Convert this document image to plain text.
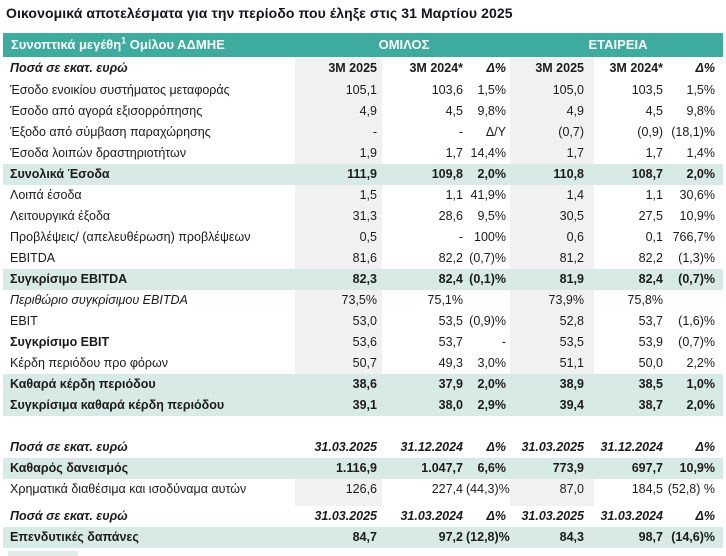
Οικονομικά αποτελέσματα για την περίοδο που έληξε στις 31 Μαρτίου 2025
Συνοπτικά μεγέθη$^1$ Ομίλου ΑΔΜΗΕ	ΟΜΙΛΟΣ	ΕΤΑΙΡΕΙΑ
Ποσά σε εκατ. ευρώ	3M 2025	3M 2024*	Δ%	3M 2025	3M 2024*	Δ%
Έσοδο ενοικίου συστήματος μεταφοράς	105,1	103,6	1,5%	105,0	103,5	1,5%
Έσοδο από αγορά εξισορρόπησης	4,9	4,5	9,8%	4,9	4,5	9,8%
Έξοδο από σύμβαση παραχώρησης	-	-	Δ/Υ	(0,7)	(0,9) (18,1)%
Έσοδα λοιπών δραστηριοτήτων	1,9	1,7 14,4%	1,7	1,7	1,4%
Συνολικά Έσοδα	111,9	109,8	2,0%	110,8	108,7	2,0%
Λοιπά έσοδα	1,5	1,1 41,9%	1,4	1,1	30,6%
Λειτουργικά έξοδα	31,3	28,6	9,5%	30,5	27,5	10,9%
Προβλέψεις/ (απελευθέρωση) προβλέψεων	0,5	- 100%	0,6	0,1 766,7%
EBITDA	81,6	82,2 (0,7)%	81,2	82,2	(1,3)%
Συγκρίσιμο EBITDA	82,3	82,4 (0,1)%	81,9	82,4	(0,7)%
Περιθώριο συγκρίσιμου EBITDA	73,5%	75,1%	73,9%	75,8%
EBIT	53,0	53,5 (0,9)%	52,8	53,7	(1,6)%
Συγκρίσιμο EBIT	53,6	53,7	-	53,5	53,9	(0,7)%
Κέρδη περιόδου προ φόρων	50,7	49,3	3,0%	51,1	50,0	2,2%
Καθαρά κέρδη περιόδου	38,6	37,9	2,0%	38,9	38,5	1,0%
Συγκρίσιμα καθαρά κέρδη περιόδου	39,1	38,0	2,9%	39,4	38,7	2,0%
Ποσά σε εκατ. ευρώ	31.03.2025	31.12.2024	Δ%	31.03.2025	31.12.2024	Δ%
Καθαρός δανεισμός	1.116,9	1.047,7	6,6%	773,9	697,7	10,9%
Χρηματικά διαθέσιμα και ισοδύναμα αυτών	126,6	227,4 (44,3)%	87,0	184,5 (52,8) %
Ποσά σε εκατ. ευρώ	31.03.2025	31.03.2024	Δ%	31.03.2025	31.03.2024	Δ%
Επενδυτικές δαπάνες	84,7	97,2 (12,8)%	84,3	98,7 (14,6)%
